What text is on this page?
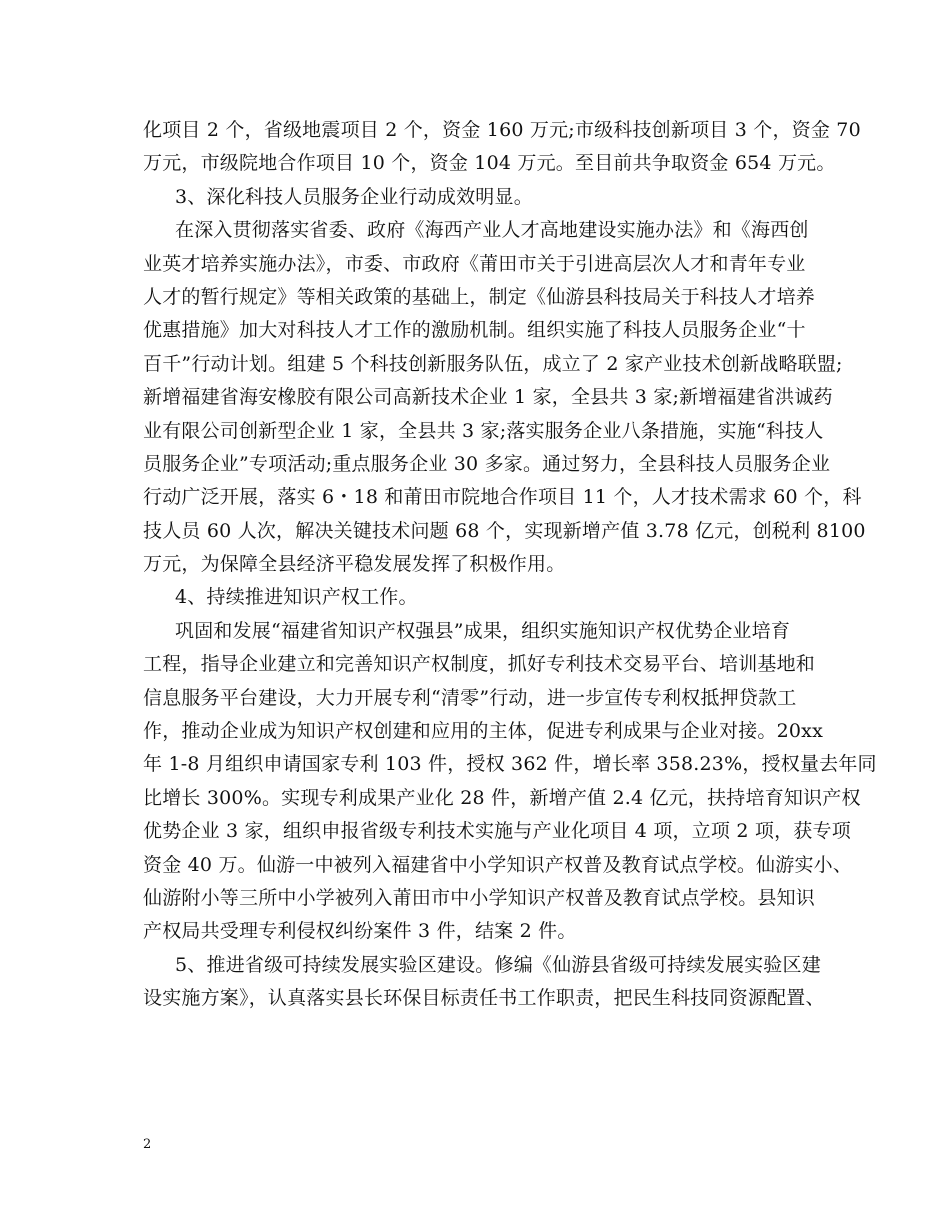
化项目 2 个，省级地震项目 2 个，资金 160 万元;市级科技创新项目 3 个，资金 70
万元，市级院地合作项目 10 个，资金 104 万元。至目前共争取资金 654 万元。
3、深化科技人员服务企业行动成效明显。
在深入贯彻落实省委、政府《海西产业人才高地建设实施办法》和《海西创
业英才培养实施办法》，市委、市政府《莆田市关于引进高层次人才和青年专业
人才的暂行规定》等相关政策的基础上，制定《仙游县科技局关于科技人才培养
优惠措施》加大对科技人才工作的激励机制。组织实施了科技人员服务企业“十
百千”行动计划。组建 5 个科技创新服务队伍，成立了 2 家产业技术创新战略联盟;
新增福建省海安橡胶有限公司高新技术企业 1 家，全县共 3 家;新增福建省洪诚药
业有限公司创新型企业 1 家，全县共 3 家;落实服务企业八条措施，实施“科技人
员服务企业”专项活动;重点服务企业 30 多家。通过努力，全县科技人员服务企业
行动广泛开展，落实 6・18 和莆田市院地合作项目 11 个，人才技术需求 60 个，科
技人员 60 人次，解决关键技术问题 68 个，实现新增产值 3.78 亿元，创税利 8100
万元，为保障全县经济平稳发展发挥了积极作用。
4、持续推进知识产权工作。
巩固和发展“福建省知识产权强县”成果，组织实施知识产权优势企业培育
工程，指导企业建立和完善知识产权制度，抓好专利技术交易平台、培训基地和
信息服务平台建设，大力开展专利“清零”行动，进一步宣传专利权抵押贷款工
作，推动企业成为知识产权创建和应用的主体，促进专利成果与企业对接。20xx
年 1-8 月组织申请国家专利 103 件，授权 362 件，增长率 358.23%，授权量去年同
比增长 300%。实现专利成果产业化 28 件，新增产值 2.4 亿元，扶持培育知识产权
优势企业 3 家，组织申报省级专利技术实施与产业化项目 4 项，立项 2 项，获专项
资金 40 万。仙游一中被列入福建省中小学知识产权普及教育试点学校。仙游实小、
仙游附小等三所中小学被列入莆田市中小学知识产权普及教育试点学校。县知识
产权局共受理专利侵权纠纷案件 3 件，结案 2 件。
5、推进省级可持续发展实验区建设。修编《仙游县省级可持续发展实验区建
设实施方案》，认真落实县长环保目标责任书工作职责，把民生科技同资源配置、
2
